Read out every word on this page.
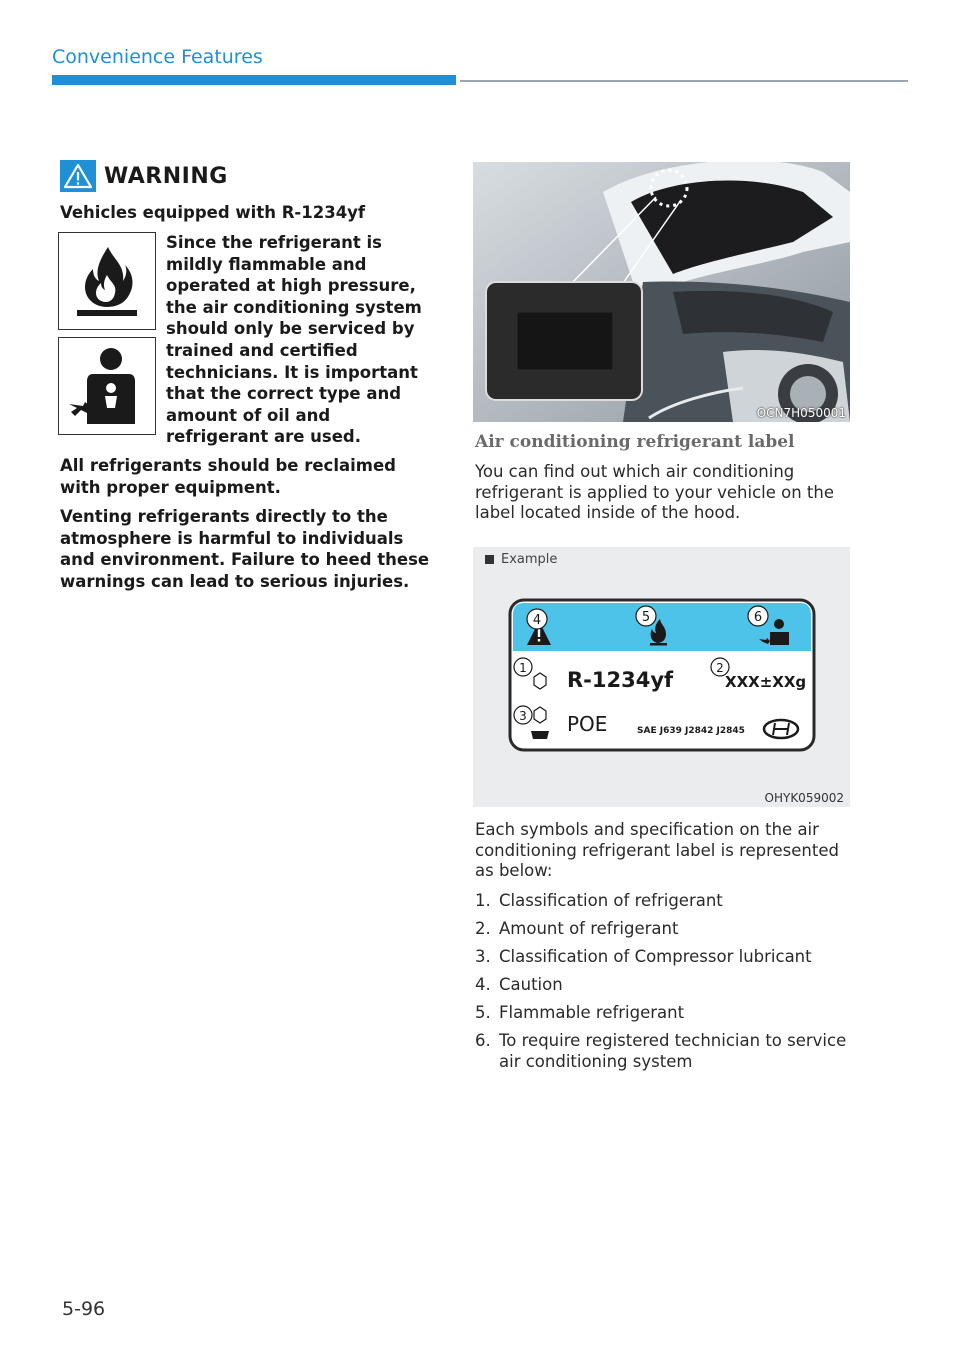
Convenience Features
WARNING
Vehicles equipped with R-1234yf
Since the refrigerant is mildly flammable and operated at high pressure, the air conditioning system should only be serviced by trained and certified technicians. It is important that the correct type and amount of oil and refrigerant are used.

All refrigerants should be reclaimed with proper equipment.

Venting refrigerants directly to the atmosphere is harmful to individuals and environment. Failure to heed these warnings can lead to serious injuries.

OCN7H050001
Air conditioning refrigerant label

You can find out which air conditioning refrigerant is applied to your vehicle on the label located inside of the hood.

Example
4	5	6
1	2
3
R-1234yf	XXX±XXg
POE	SAE J639 J2842 J2845
OHYK059002

Each symbols and specification on the air conditioning refrigerant label is represented as below:

1. Classification of refrigerant
2. Amount of refrigerant
3. Classification of Compressor lubricant
4. Caution
5. Flammable refrigerant
6. To require registered technician to service air conditioning system
5-96
